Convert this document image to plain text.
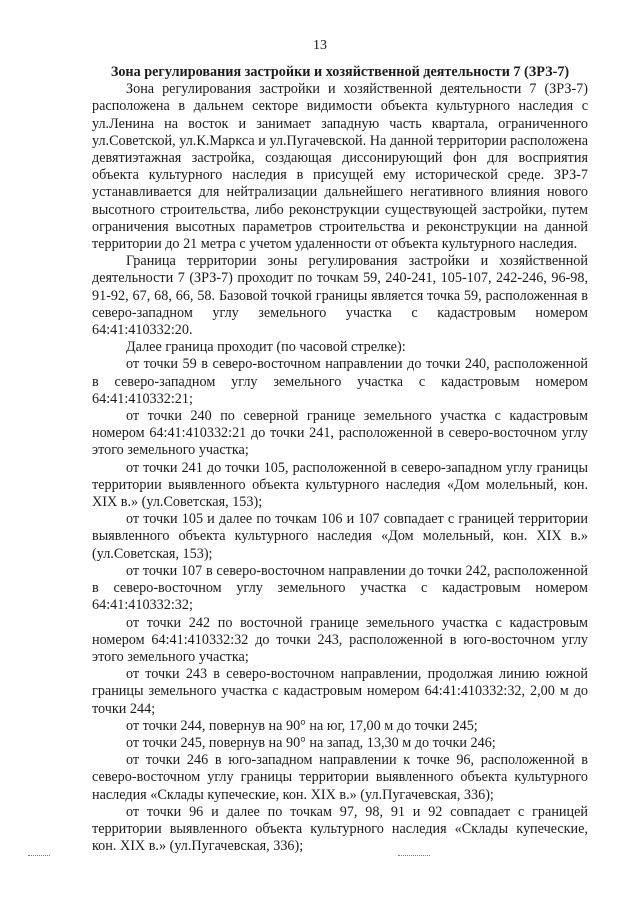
13
Зона регулирования застройки и хозяйственной деятельности 7 (ЗРЗ-7)

Зона регулирования застройки и хозяйственной деятельности 7 (ЗРЗ-7) расположена в дальнем секторе видимости объекта культурного наследия с ул.Ленина на восток и занимает западную часть квартала, ограниченного ул.Советской, ул.К.Маркса и ул.Пугачевской. На данной территории расположена девятиэтажная застройка, создающая диссонирующий фон для восприятия объекта культурного наследия в присущей ему исторической среде. ЗРЗ-7 устанавливается для нейтрализации дальнейшего негативного влияния нового высотного строительства, либо реконструкции существующей застройки, путем ограничения высотных параметров строительства и реконструкции на данной территории до 21 метра с учетом удаленности от объекта культурного наследия.

Граница территории зоны регулирования застройки и хозяйственной деятельности 7 (ЗРЗ-7) проходит по точкам 59, 240-241, 105-107, 242-246, 96-98, 91-92, 67, 68, 66, 58. Базовой точкой границы является точка 59, расположенная в северо-западном углу земельного участка с кадастровым номером 64:41:410332:20.

Далее граница проходит (по часовой стрелке):

от точки 59 в северо-восточном направлении до точки 240, расположенной в северо-западном углу земельного участка с кадастровым номером 64:41:410332:21;

от точки 240 по северной границе земельного участка с кадастровым номером 64:41:410332:21 до точки 241, расположенной в северо-восточном углу этого земельного участка;

от точки 241 до точки 105, расположенной в северо-западном углу границы территории выявленного объекта культурного наследия «Дом молельный, кон. XIX в.» (ул.Советская, 153);

от точки 105 и далее по точкам 106 и 107 совпадает с границей территории выявленного объекта культурного наследия «Дом молельный, кон. XIX в.» (ул.Советская, 153);

от точки 107 в северо-восточном направлении до точки 242, расположенной в северо-восточном углу земельного участка с кадастровым номером 64:41:410332:32;

от точки 242 по восточной границе земельного участка с кадастровым номером 64:41:410332:32 до точки 243, расположенной в юго-восточном углу этого земельного участка;

от точки 243 в северо-восточном направлении, продолжая линию южной границы земельного участка с кадастровым номером 64:41:410332:32, 2,00 м до точки 244;

от точки 244, повернув на 90° на юг, 17,00 м до точки 245;

от точки 245, повернув на 90° на запад, 13,30 м до точки 246;

от точки 246 в юго-западном направлении к точке 96, расположенной в северо-восточном углу границы территории выявленного объекта культурного наследия «Склады купеческие, кон. XIX в.» (ул.Пугачевская, 336);

от точки 96 и далее по точкам 97, 98, 91 и 92 совпадает с границей территории выявленного объекта культурного наследия «Склады купеческие, кон. XIX в.» (ул.Пугачевская, 336);
